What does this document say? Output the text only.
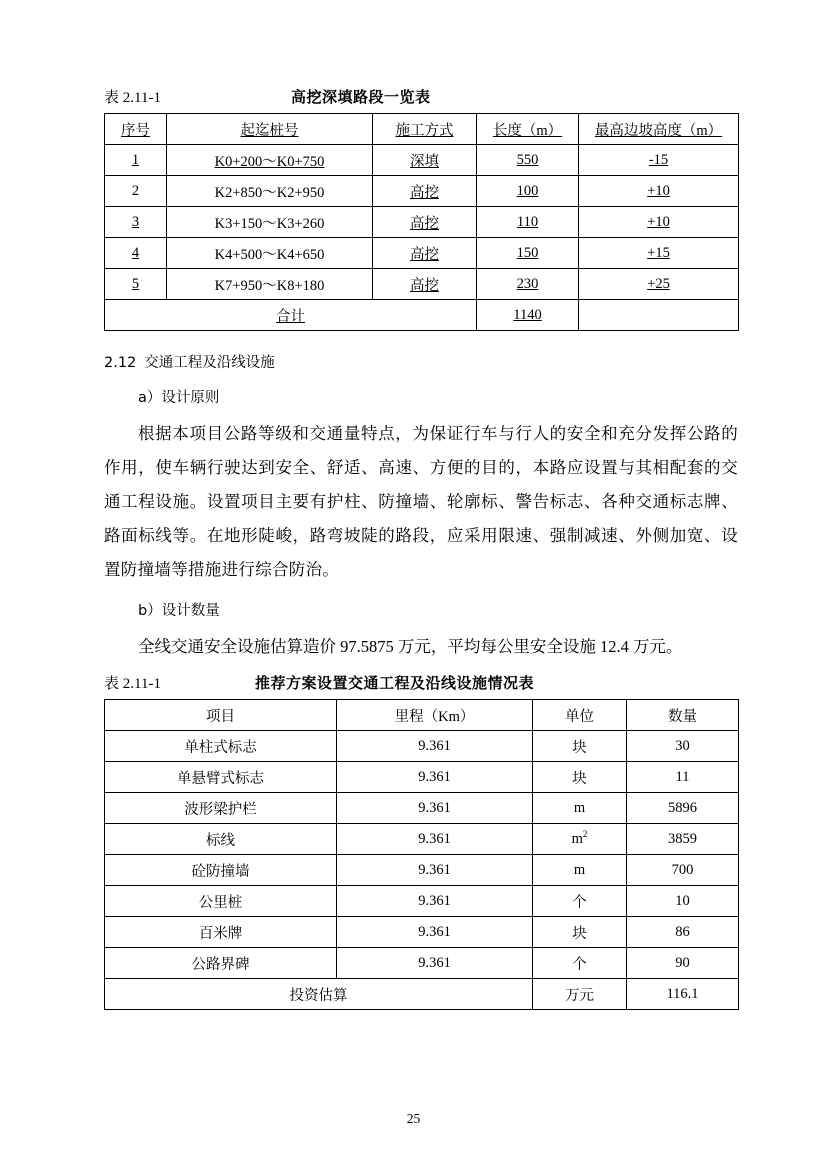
表 2.11-1	高挖深填路段一览表
序号	起迄桩号	施工方式	长度（m）	最高边坡高度（m）
1	K0+200～K0+750	深填	550	-15
2	K2+850～K2+950	高挖	100	+10
3	K3+150～K3+260	高挖	110	+10
4	K4+500～K4+650	高挖	150	+15
5	K7+950～K8+180	高挖	230	+25
合计			1140	
2.12 交通工程及沿线设施
a）设计原则

根据本项目公路等级和交通量特点，为保证行车与行人的安全和充分发挥公路的作用，使车辆行驶达到安全、舒适、高速、方便的目的，本路应设置与其相配套的交通工程设施。设置项目主要有护柱、防撞墙、轮廓标、警告标志、各种交通标志牌、路面标线等。在地形陡峻，路弯坡陡的路段，应采用限速、强制减速、外侧加宽、设置防撞墙等措施进行综合防治。

b）设计数量

全线交通安全设施估算造价 97.5875 万元，平均每公里安全设施 12.4 万元。

表 2.11-1	推荐方案设置交通工程及沿线设施情况表
项目	里程（Km）	单位	数量
单柱式标志	9.361	块	30
单悬臂式标志	9.361	块	11
波形梁护栏	9.361	m	5896
标线	9.361	$m^2$	3859
砼防撞墙	9.361	m	700
公里桩	9.361	个	10
百米牌	9.361	块	86
公路界碑	9.361	个	90
投资估算		万元	116.1
25
